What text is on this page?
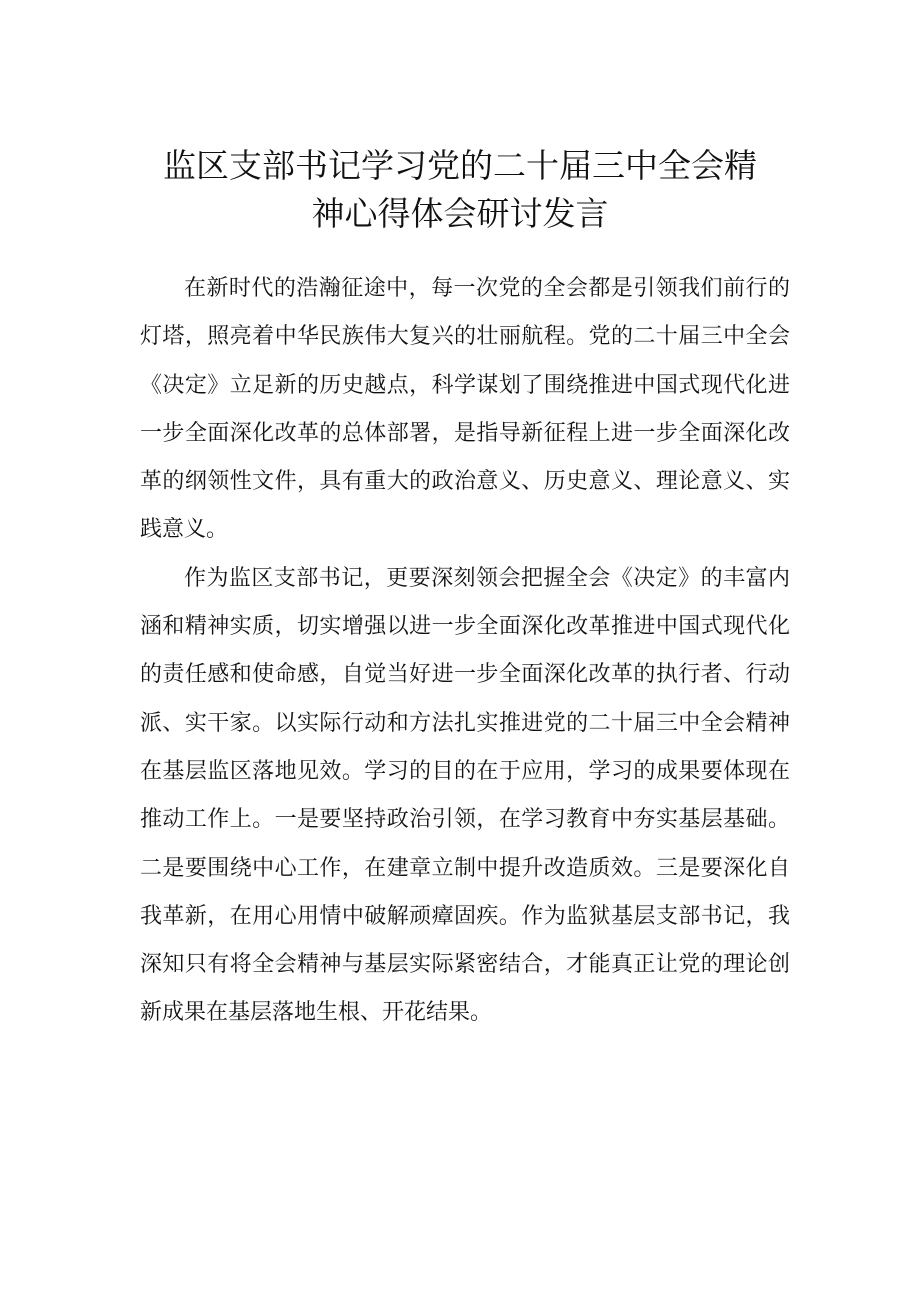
监区支部书记学习党的二十届三中全会精
神心得体会研讨发言

在新时代的浩瀚征途中，每一次党的全会都是引领我们前行的灯塔，照亮着中华民族伟大复兴的壮丽航程。党的二十届三中全会《决定》立足新的历史越点，科学谋划了围绕推进中国式现代化进一步全面深化改革的总体部署，是指导新征程上进一步全面深化改革的纲领性文件，具有重大的政治意义、历史意义、理论意义、实践意义。

作为监区支部书记，更要深刻领会把握全会《决定》的丰富内涵和精神实质，切实增强以进一步全面深化改革推进中国式现代化的责任感和使命感，自觉当好进一步全面深化改革的执行者、行动派、实干家。以实际行动和方法扎实推进党的二十届三中全会精神在基层监区落地见效。学习的目的在于应用，学习的成果要体现在推动工作上。一是要坚持政治引领，在学习教育中夯实基层基础。二是要围绕中心工作，在建章立制中提升改造质效。三是要深化自我革新，在用心用情中破解顽瘴固疾。作为监狱基层支部书记，我深知只有将全会精神与基层实际紧密结合，才能真正让党的理论创新成果在基层落地生根、开花结果。
